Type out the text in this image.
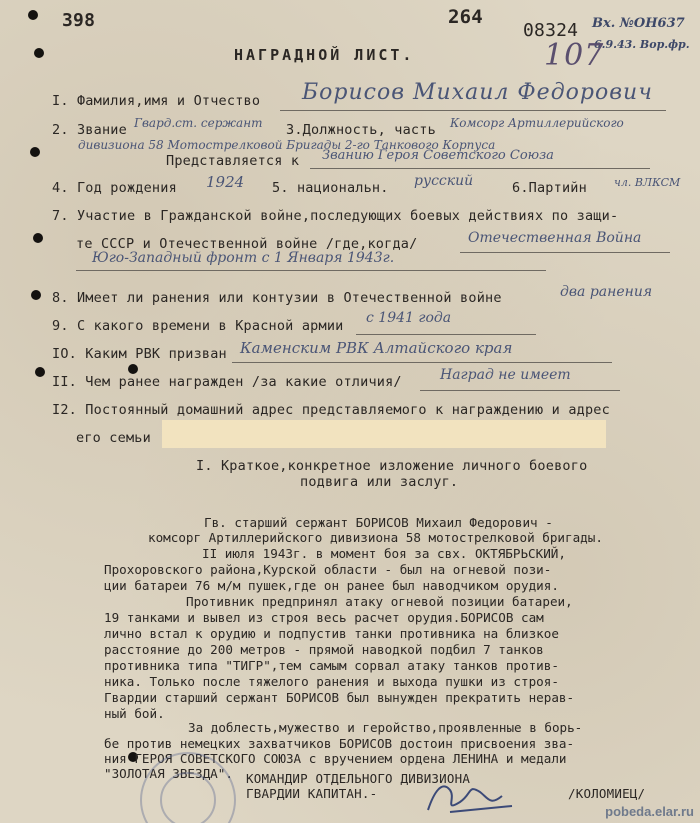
398	264
08324 Вх. №ОН637
6.9.43. Вор.фр.
107
НАГРАДНОЙ ЛИСТ.
I. Фамилия,имя и Отчество Борисов Михаил Федорович
2. Звание Гвард.ст. сержант 3.Должность, часть Комсорг Артиллерийского
дивизиона 58 Мотострелковой Бригады 2-го Танкового Корпуса
Представляется к Званию Героя Советского Союза
4. Год рождения 1924 5. национальн. русский	6.Партийн чл. ВЛКСМ
7. Участие в Гражданской войне,последующих боевых действиях по защи-
те СССР и Отечественной войне /где,когда/	Отечественная Война
Юго-Западный фронт с 1 Января 1943г.
8. Имеет ли ранения или контузии в Отечественной войне	два ранения
9. С какого времени в Красной армии с 1941 года
IO. Каким РВК призван Каменским РВК Алтайского края
II. Чем ранее награжден /за какие отличия/	Наград не имеет
I2. Постоянный домашний адрес представляемого к награждению и адрес
его семьи
I. Краткое,конкретное изложение личного боевого
подвига или заслуг.
Гв. старший сержант БОРИСОВ Михаил Федорович -
комсорг Артиллерийского дивизиона 58 мотострелковой бригады.
II июля 1943г. в момент боя за свх. ОКТЯБРЬСКИЙ,
Прохоровского района,Курской области - был на огневой пози-
ции батареи 76 м/м пушек,где он ранее был наводчиком орудия.
Противник предпринял атаку огневой позиции батареи,
19 танками и вывел из строя весь расчет орудия.БОРИСОВ сам
лично встал к орудию и подпустив танки противника на близкое
расстояние до 200 метров - прямой наводкой подбил 7 танков
противника типа "ТИГР",тем самым сорвал атаку танков против-
ника. Только после тяжелого ранения и выхода пушки из строя-
Гвардии старший сержант БОРИСОВ был вынужден прекратить нерав-
ный бой.
За доблесть,мужество и геройство,проявленные в борь-
бе против немецких захватчиков БОРИСОВ достоин присвоения зва-
ния ГЕРОЯ СОВЕТСКОГО СОЮЗА с вручением ордена ЛЕНИНА и медали
"ЗОЛОТАЯ ЗВЕЗДА". КОМАНДИР ОТДЕЛЬНОГО ДИВИЗИОНА
ГВАРДИИ КАПИТАН.-	/КОЛОМИЕЦ/
pobeda.elar.ru
